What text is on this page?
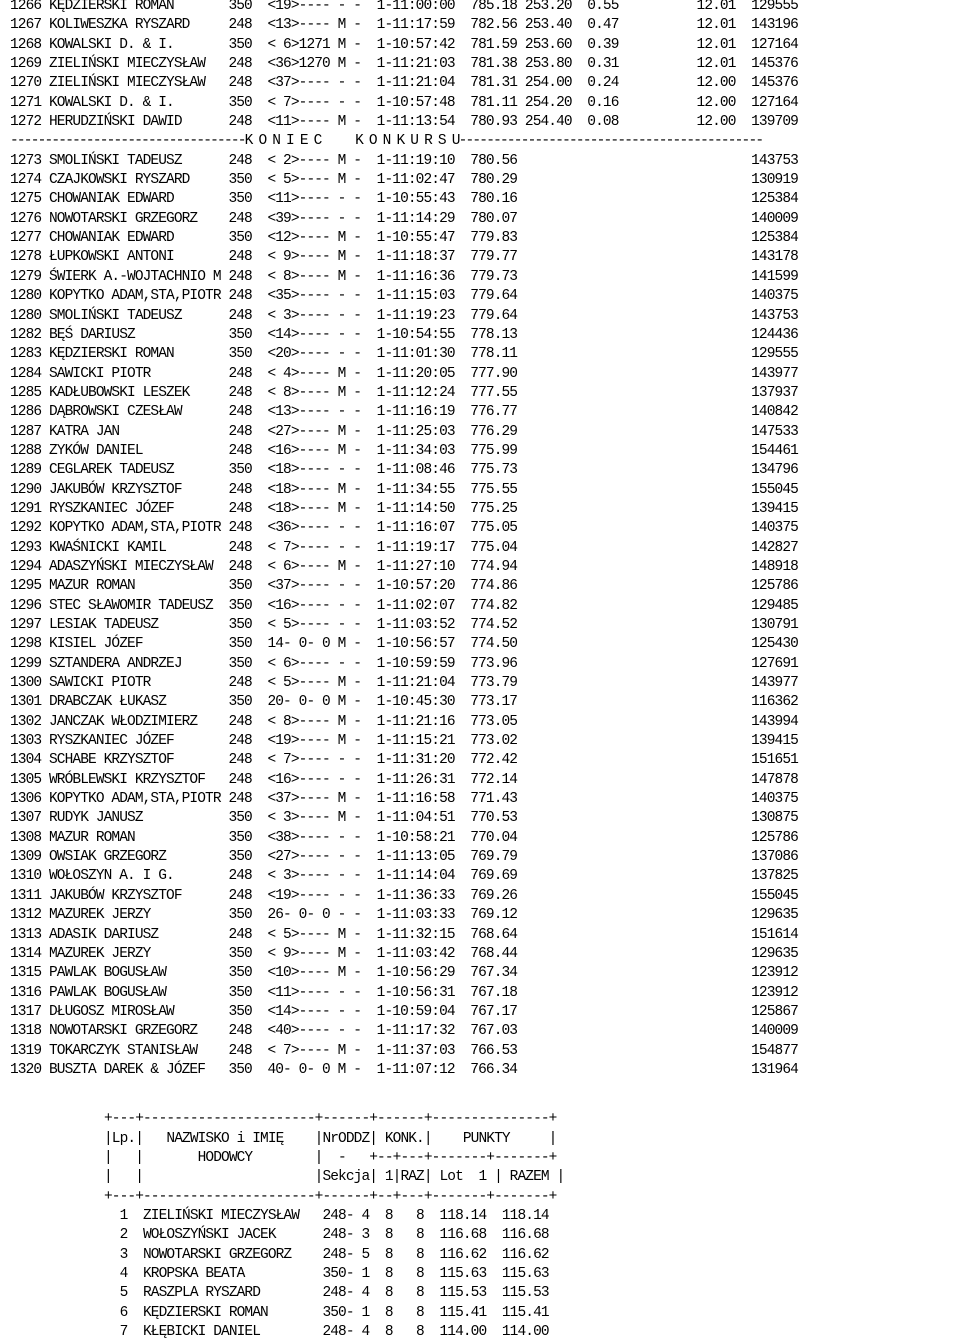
1266 KĘDZIERSKI ROMAN       350  <19>---- - -  1-11:00:00  785.18 253.20  0.55          12.01  129555
1267 KOLIWESZKA RYSZARD     248  <13>---- M -  1-11:17:59  782.56 253.40  0.47          12.01  143196
1268 KOWALSKI D. & I.       350  < 6>1271 M -  1-10:57:42  781.59 253.60  0.39          12.01  127164
1269 ZIELIŃSKI MIECZYSŁAW   248  <36>1270 M -  1-11:21:03  781.38 253.80  0.31          12.01  145376
1270 ZIELIŃSKI MIECZYSŁAW   248  <37>---- - -  1-11:21:04  781.31 254.00  0.24          12.00  145376
1271 KOWALSKI D. & I.       350  < 7>---- - -  1-10:57:48  781.11 254.20  0.16          12.00  127164
1272 HERUDZIŃSKI DAWID      248  <11>---- M -  1-11:13:54  780.93 254.40  0.08          12.00  139709
----------------------------------K O N I E C     K O N K U R S U--------------------------------------------
1273 SMOLIŃSKI TADEUSZ      248  < 2>---- M -  1-11:19:10  780.56                              143753
1274 CZAJKOWSKI RYSZARD     350  < 5>---- M -  1-11:02:47  780.29                              130919
1275 CHOWANIAK EDWARD       350  <11>---- - -  1-10:55:43  780.16                              125384
1276 NOWOTARSKI GRZEGORZ    248  <39>---- - -  1-11:14:29  780.07                              140009
1277 CHOWANIAK EDWARD       350  <12>---- M -  1-10:55:47  779.83                              125384
1278 ŁUPKOWSKI ANTONI       248  < 9>---- M -  1-11:18:37  779.77                              143178
1279 ŚWIERK A.-WOJTACHNIO M 248  < 8>---- M -  1-11:16:36  779.73                              141599
1280 KOPYTKO ADAM,STA,PIOTR 248  <35>---- - -  1-11:15:03  779.64                              140375
1280 SMOLIŃSKI TADEUSZ      248  < 3>---- - -  1-11:19:23  779.64                              143753
1282 BĘŚ DARIUSZ            350  <14>---- - -  1-10:54:55  778.13                              124436
1283 KĘDZIERSKI ROMAN       350  <20>---- - -  1-11:01:30  778.11                              129555
1284 SAWICKI PIOTR          248  < 4>---- M -  1-11:20:05  777.90                              143977
1285 KADŁUBOWSKI LESZEK     248  < 8>---- M -  1-11:12:24  777.55                              137937
1286 DĄBROWSKI CZESŁAW      248  <13>---- - -  1-11:16:19  776.77                              140842
1287 KATRA JAN              248  <27>---- M -  1-11:25:03  776.29                              147533
1288 ZYKÓW DANIEL           248  <16>---- M -  1-11:34:03  775.99                              154461
1289 CEGLAREK TADEUSZ       350  <18>---- - -  1-11:08:46  775.73                              134796
1290 JAKUBÓW KRZYSZTOF      248  <18>---- M -  1-11:34:55  775.55                              155045
1291 RYSZKANIEC JÓZEF       248  <18>---- M -  1-11:14:50  775.25                              139415
1292 KOPYTKO ADAM,STA,PIOTR 248  <36>---- - -  1-11:16:07  775.05                              140375
1293 KWAŚNICKI KAMIL        248  < 7>---- - -  1-11:19:17  775.04                              142827
1294 ADASZYŃSKI MIECZYSŁAW  248  < 6>---- M -  1-11:27:10  774.94                              148918
1295 MAZUR ROMAN            350  <37>---- - -  1-10:57:20  774.86                              125786
1296 STEC SŁAWOMIR TADEUSZ  350  <16>---- - -  1-11:02:07  774.82                              129485
1297 LESIAK TADEUSZ         350  < 5>---- - -  1-11:03:52  774.52                              130791
1298 KISIEL JÓZEF           350  14- 0- 0 M -  1-10:56:57  774.50                              125430
1299 SZTANDERA ANDRZEJ      350  < 6>---- - -  1-10:59:59  773.96                              127691
1300 SAWICKI PIOTR          248  < 5>---- M -  1-11:21:04  773.79                              143977
1301 DRABCZAK ŁUKASZ        350  20- 0- 0 M -  1-10:45:30  773.17                              116362
1302 JANCZAK WŁODZIMIERZ    248  < 8>---- M -  1-11:21:16  773.05                              143994
1303 RYSZKANIEC JÓZEF       248  <19>---- M -  1-11:15:21  773.02                              139415
1304 SCHABE KRZYSZTOF       248  < 7>---- - -  1-11:31:20  772.42                              151651
1305 WRÓBLEWSKI KRZYSZTOF   248  <16>---- - -  1-11:26:31  772.14                              147878
1306 KOPYTKO ADAM,STA,PIOTR 248  <37>---- M -  1-11:16:58  771.43                              140375
1307 RUDYK JANUSZ           350  < 3>---- M -  1-11:04:51  770.53                              130875
1308 MAZUR ROMAN            350  <38>---- - -  1-10:58:21  770.04                              125786
1309 OWSIAK GRZEGORZ        350  <27>---- - -  1-11:13:05  769.79                              137086
1310 WOŁOSZYN A. I G.       248  < 3>---- - -  1-11:14:04  769.69                              137825
1311 JAKUBÓW KRZYSZTOF      248  <19>---- - -  1-11:36:33  769.26                              155045
1312 MAZUREK JERZY          350  26- 0- 0 - -  1-11:03:33  769.12                              129635
1313 ADASIK DARIUSZ         248  < 5>---- M -  1-11:32:15  768.64                              151614
1314 MAZUREK JERZY          350  < 9>---- M -  1-11:03:42  768.44                              129635
1315 PAWLAK BOGUSŁAW        350  <10>---- M -  1-10:56:29  767.34                              123912
1316 PAWLAK BOGUSŁAW        350  <11>---- - -  1-10:56:31  767.18                              123912
1317 DŁUGOSZ MIROSŁAW       350  <14>---- - -  1-10:59:04  767.17                              125867
1318 NOWOTARSKI GRZEGORZ    248  <40>---- - -  1-11:17:32  767.03                              140009
1319 TOKARCZYK STANISŁAW    248  < 7>---- M -  1-11:37:03  766.53                              154877
1320 BUSZTA DAREK & JÓZEF   350  40- 0- 0 M -  1-11:07:12  766.34                              131964
+---+----------------------+------+------+---------------+
|Lp.|   NAZWISKO i IMIĘ    |NrODDZ| KONK.|    PUNKTY     |
|   |       HODOWCY        |  -   +--+---+-------+-------+
|   |                      |Sekcja| 1|RAZ| Lot  1 | RAZEM |
+---+----------------------+------+--+---+-------+-------+
1  ZIELIŃSKI MIECZYSŁAW   248- 4  8   8  118.14  118.14
2  WOŁOSZYŃSKI JACEK      248- 3  8   8  116.68  116.68
3  NOWOTARSKI GRZEGORZ    248- 5  8   8  116.62  116.62
4  KROPSKA BEATA          350- 1  8   8  115.63  115.63
5  RASZPLA RYSZARD        248- 4  8   8  115.53  115.53
6  KĘDZIERSKI ROMAN       350- 1  8   8  115.41  115.41
7  KŁĘBICKI DANIEL        248- 4  8   8  114.00  114.00
